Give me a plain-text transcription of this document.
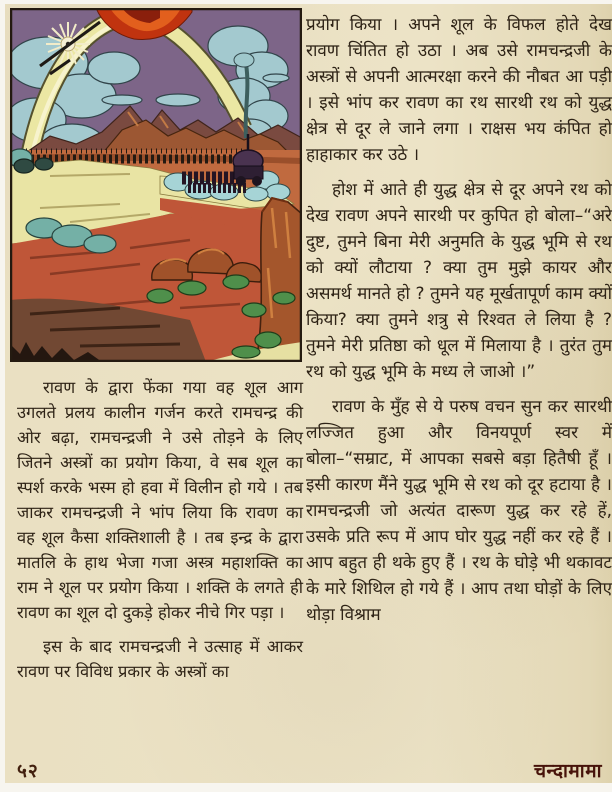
प्रयोग किया । अपने शूल के विफल होते देख रावण चिंतित हो उठा । अब उसे रामचन्द्रजी के अस्त्रों से अपनी आत्मरक्षा करने की नौबत आ पड़ी । इसे भांप कर रावण का रथ सारथी रथ को युद्ध क्षेत्र से दूर ले जाने लगा । राक्षस भय कंपित हो हाहाकार कर उठे ।

होश में आते ही युद्ध क्षेत्र से दूर अपने रथ को देख रावण अपने सारथी पर कुपित हो बोला–“अरे दुष्ट, तुमने बिना मेरी अनुमति के युद्ध भूमि से रथ को क्यों लौटाया ? क्या तुम मुझे कायर और असमर्थ मानते हो ? तुमने यह मूर्खतापूर्ण काम क्यों किया? क्या तुमने शत्रु से रिश्वत ले लिया है ? तुमने मेरी प्रतिष्ठा को धूल में मिलाया है । तुरंत तुम रथ को युद्ध भूमि के मध्य ले जाओ ।”

रावण के मुँह से ये परुष वचन सुन कर सारथी लज्जित हुआ और विनयपूर्ण स्वर में बोला–“सम्राट, में आपका सबसे बड़ा हितैषी हूँ । इसी कारण मैंने युद्ध भूमि से रथ को दूर हटाया है । रामचन्द्रजी जो अत्यंत दारूण युद्ध कर रहे हें, उसके प्रति रूप में आप घोर युद्ध नहीं कर रहे हैं । आप बहुत ही थके हुए हैं । रथ के घोड़े भी थकावट के मारे शिथिल हो गये हैं । आप तथा घोड़ों के लिए थोड़ा विश्राम

रावण के द्वारा फेंका गया वह शूल आग उगलते प्रलय कालीन गर्जन करते रामचन्द्र की ओर बढ़ा, रामचन्द्रजी ने उसे तोड़ने के लिए जितने अस्त्रों का प्रयोग किया, वे सब शूल का स्पर्श करके भस्म हो हवा में विलीन हो गये । तब जाकर रामचन्द्रजी ने भांप लिया कि रावण का वह शूल कैसा शक्तिशाली है । तब इन्द्र के द्वारा मातलि के हाथ भेजा गजा अस्त्र महाशक्ति का राम ने शूल पर प्रयोग किया । शक्ति के लगते ही रावण का शूल दो दुकड़े होकर नीचे गिर पड़ा ।

इस के बाद रामचन्द्रजी ने उत्साह में आकर रावण पर विविध प्रकार के अस्त्रों का

५२	चन्दामामा
